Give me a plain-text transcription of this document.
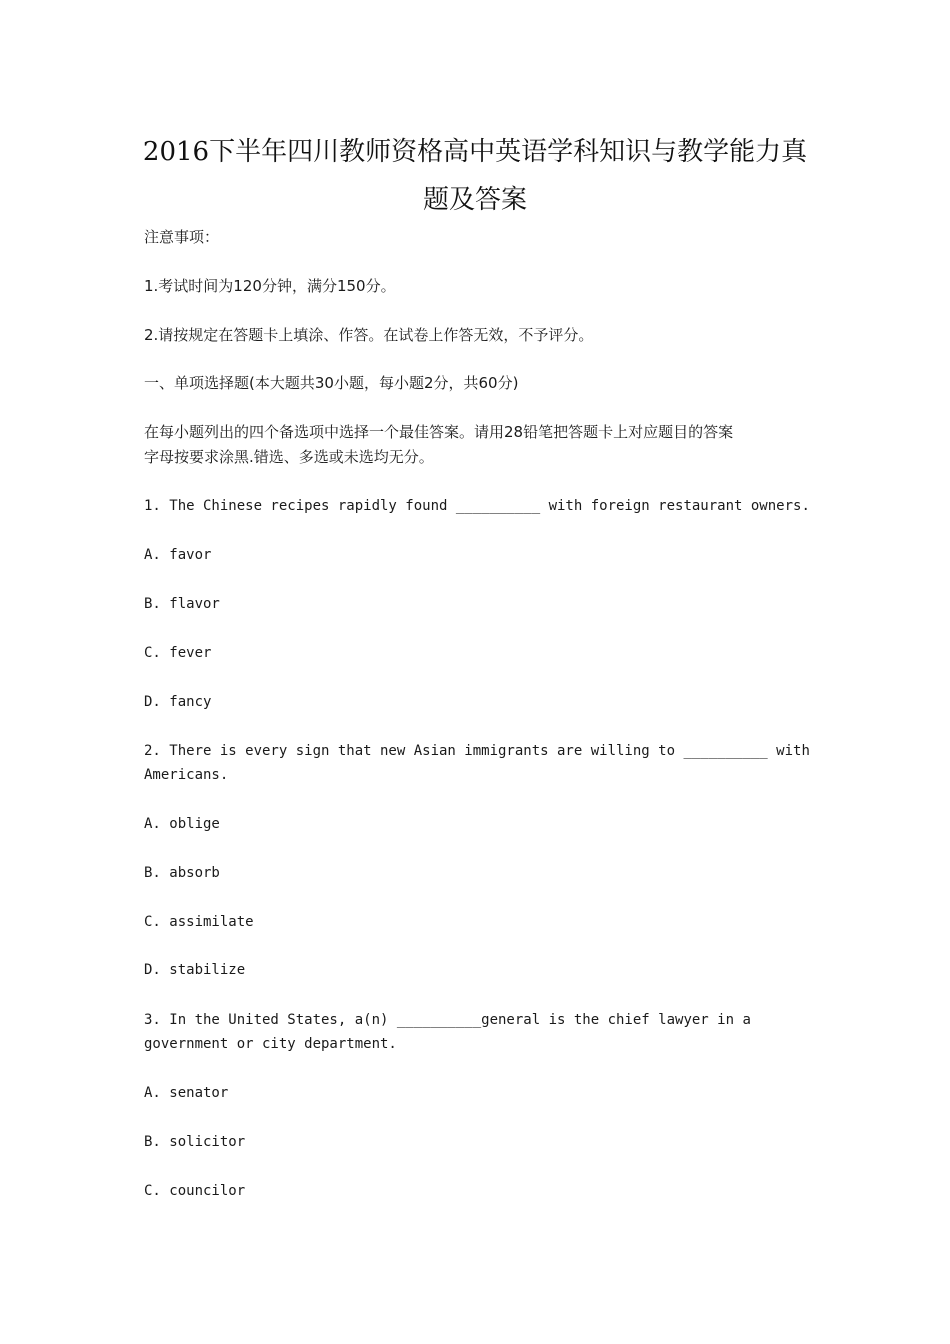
2016下半年四川教师资格高中英语学科知识与教学能力真
题及答案
注意事项：
1.考试时间为120分钟，满分150分。
2.请按规定在答题卡上填涂、作答。在试卷上作答无效，不予评分。
一、单项选择题(本大题共30小题，每小题2分，共60分)
在每小题列出的四个备选项中选择一个最佳答案。请用28铅笔把答题卡上对应题目的答案
字母按要求涂黑.错选、多选或未选均无分。
1. The Chinese recipes rapidly found __________ with foreign restaurant owners.
A. favor
B. flavor
C. fever
D. fancy
2. There is every sign that new Asian immigrants are willing to __________ with
Americans.
A. oblige
B. absorb
C. assimilate
D. stabilize
3. In the United States, a(n) __________general is the chief lawyer in a
government or city department.
A. senator
B. solicitor
C. councilor
